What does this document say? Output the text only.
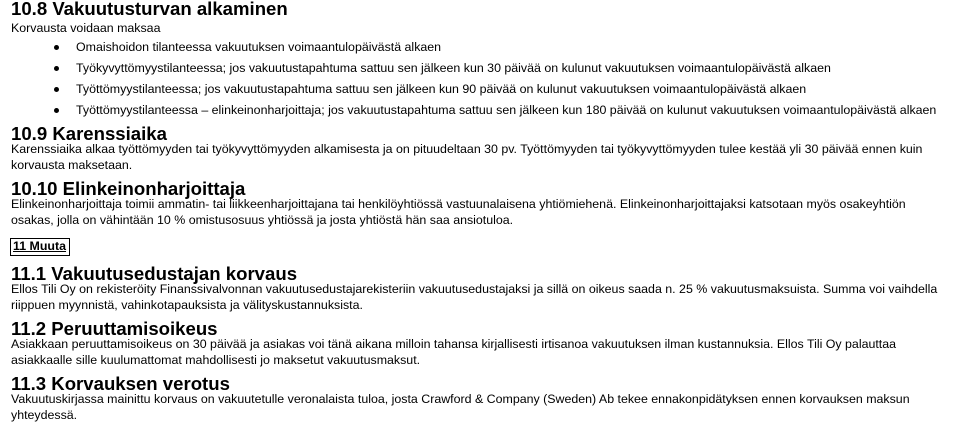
10.8 Vakuutusturvan alkaminen

Korvausta voidaan maksaa

Omaishoidon tilanteessa vakuutuksen voimaantulopäivästä alkaen
Työkyvyttömyystilanteessa; jos vakuutustapahtuma sattuu sen jälkeen kun 30 päivää on kulunut vakuutuksen voimaantulopäivästä alkaen
Työttömyystilanteessa; jos vakuutustapahtuma sattuu sen jälkeen kun 90 päivää on kulunut vakuutuksen voimaantulopäivästä alkaen
Työttömyystilanteessa – elinkeinonharjoittaja; jos vakuutustapahtuma sattuu sen jälkeen kun 180 päivää on kulunut vakuutuksen voimaantulopäivästä alkaen
10.9 Karenssiaika

Karenssiaika alkaa työttömyyden tai työkyvyttömyyden alkamisesta ja on pituudeltaan 30 pv. Työttömyyden tai työkyvyttömyyden tulee kestää yli 30 päivää ennen kuin korvausta maksetaan.

10.10 Elinkeinonharjoittaja

Elinkeinonharjoittaja toimii ammatin- tai liikkeenharjoittajana tai henkilöyhtiössä vastuunalaisena yhtiömiehenä. Elinkeinonharjoittajaksi katsotaan myös osakeyhtiön osakas, jolla on vähintään 10 % omistusosuus yhtiössä ja josta yhtiöstä hän saa ansiotuloa.

11 Muuta
11.1 Vakuutusedustajan korvaus

Ellos Tili Oy on rekisteröity Finanssivalvonnan vakuutusedustajarekisteriin vakuutusedustajaksi ja sillä on oikeus saada n. 25 % vakuutusmaksuista. Summa voi vaihdella riippuen myynnistä, vahinkotapauksista ja välityskustannuksista.

11.2 Peruuttamisoikeus

Asiakkaan peruuttamisoikeus on 30 päivää ja asiakas voi tänä aikana milloin tahansa kirjallisesti irtisanoa vakuutuksen ilman kustannuksia. Ellos Tili Oy palauttaa asiakkaalle sille kuulumattomat mahdollisesti jo maksetut vakuutusmaksut.

11.3 Korvauksen verotus

Vakuutuskirjassa mainittu korvaus on vakuutetulle veronalaista tuloa, josta Crawford & Company (Sweden) Ab tekee ennakonpidätyksen ennen korvauksen maksun yhteydessä.
